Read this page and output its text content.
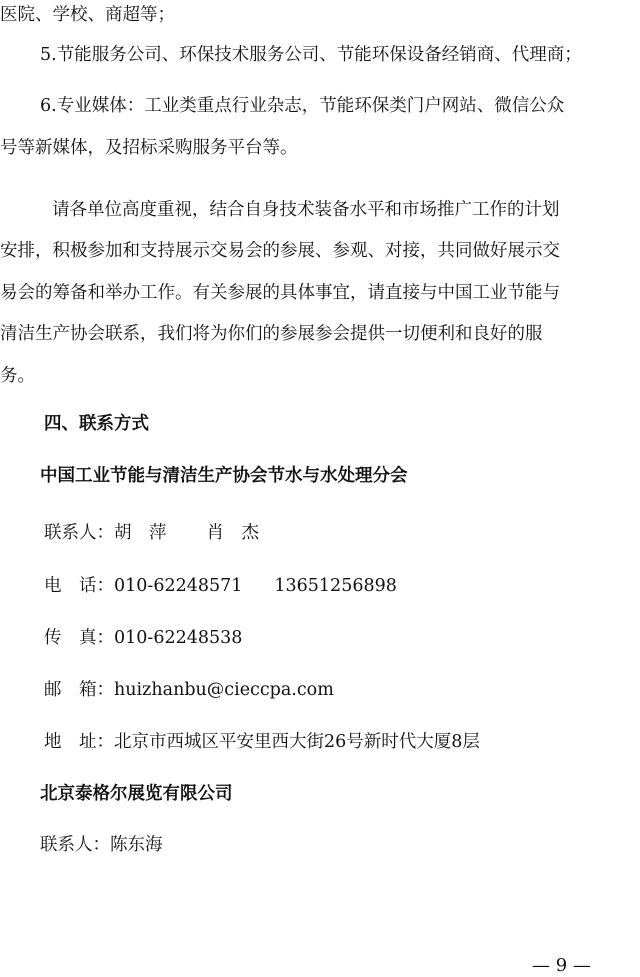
医院、学校、商超等；
5.节能服务公司、环保技术服务公司、节能环保设备经销商、代理商；
6.专业媒体：工业类重点行业杂志，节能环保类门户网站、微信公众
号等新媒体，及招标采购服务平台等。
请各单位高度重视，结合自身技术装备水平和市场推广工作的计划
安排，积极参加和支持展示交易会的参展、参观、对接，共同做好展示交
易会的筹备和举办工作。有关参展的具体事宜，请直接与中国工业节能与
清洁生产协会联系，我们将为你们的参展参会提供一切便利和良好的服
务。
四、联系方式
中国工业节能与清洁生产协会节水与水处理分会
联系人：胡　萍 肖　杰
电　话：010-62248571 13651256898
传　真：010-62248538
邮　箱：huizhanbu@cieccpa.com
地　址：北京市西城区平安里西大街26号新时代大厦8层
北京泰格尔展览有限公司
联系人：陈东海
— 9 —
